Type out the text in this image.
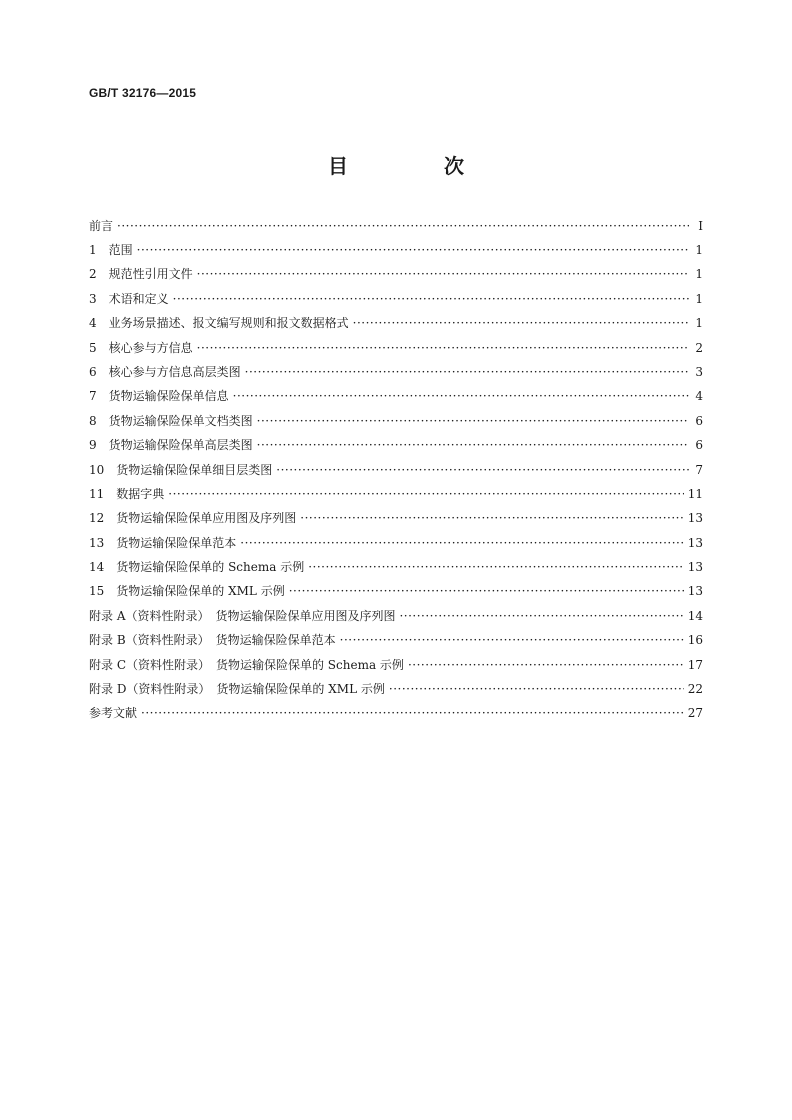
GB/T 32176—2015
目　次
前言 ·····	Ⅰ
1　范围 ·····	1
2　规范性引用文件 ·····	1
3　术语和定义 ·····	1
4　业务场景描述、报文编写规则和报文数据格式 ·····	1
5　核心参与方信息 ·····	2
6　核心参与方信息高层类图 ·····	3
7　货物运输保险保单信息 ·····	4
8　货物运输保险保单文档类图 ·····	6
9　货物运输保险保单高层类图 ·····	6
10　货物运输保险保单细目层类图 ·····	7
11　数据字典 ·····	11
12　货物运输保险保单应用图及序列图 ·····	13
13　货物运输保险保单范本 ·····	13
14　货物运输保险保单的 Schema 示例 ·····	13
15　货物运输保险保单的 XML 示例 ·····	13
附录 A（资料性附录）　货物运输保险保单应用图及序列图 ·····	14
附录 B（资料性附录）　货物运输保险保单范本 ·····	16
附录 C（资料性附录）　货物运输保险保单的 Schema 示例 ·····	17
附录 D（资料性附录）　货物运输保险保单的 XML 示例 ·····	22
参考文献 ·····	27
